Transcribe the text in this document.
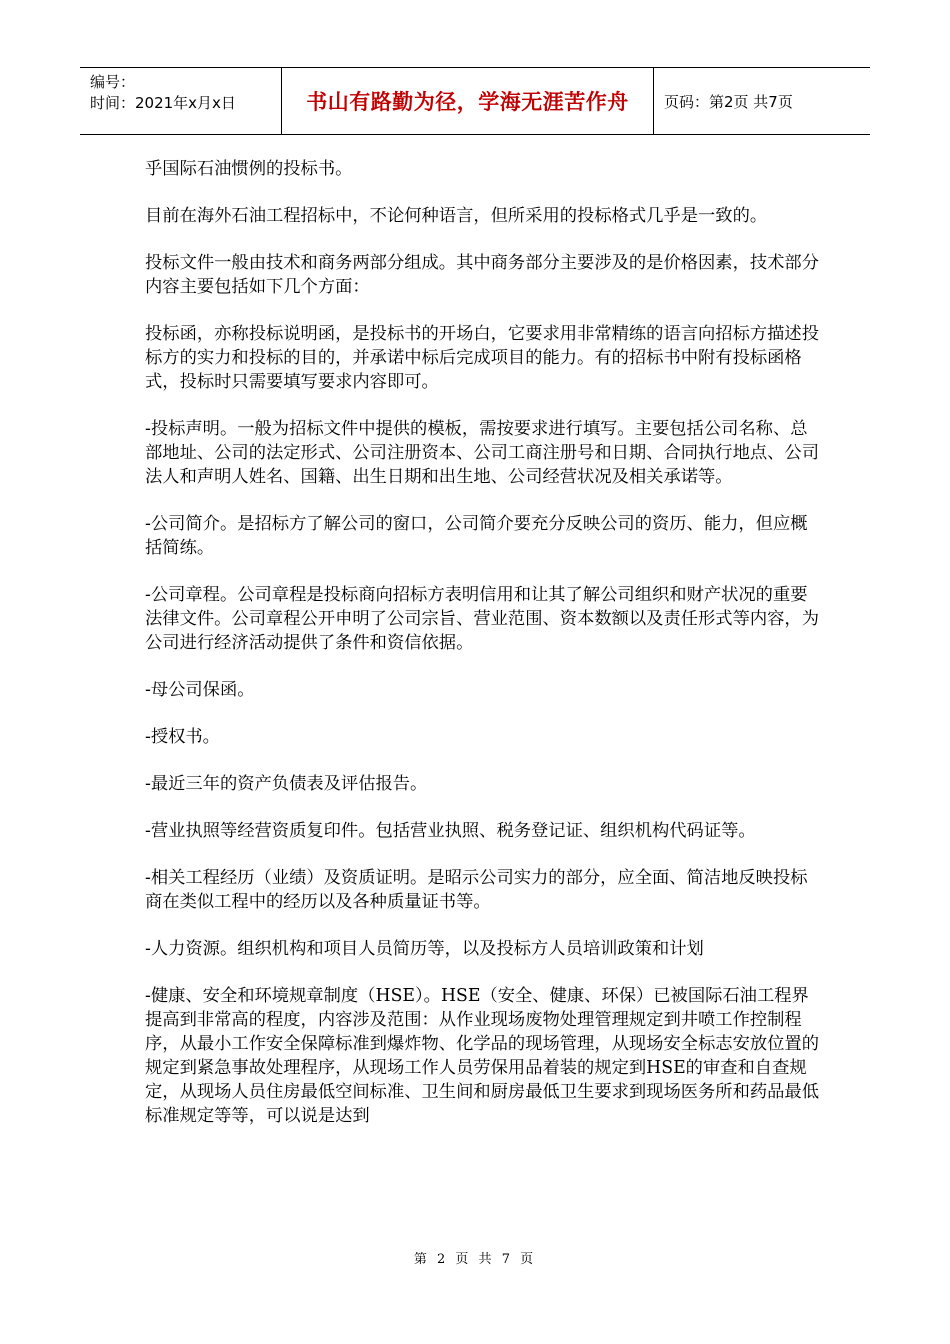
编号：
时间：2021年x月x日	书山有路勤为径，学海无涯苦作舟	页码：第2页 共7页

乎国际石油惯例的投标书。

目前在海外石油工程招标中，不论何种语言，但所采用的投标格式几乎是一致的。

投标文件一般由技术和商务两部分组成。其中商务部分主要涉及的是价格因素，技术部分内容主要包括如下几个方面：

投标函，亦称投标说明函，是投标书的开场白，它要求用非常精练的语言向招标方描述投标方的实力和投标的目的，并承诺中标后完成项目的能力。有的招标书中附有投标函格式，投标时只需要填写要求内容即可。

-投标声明。一般为招标文件中提供的模板，需按要求进行填写。主要包括公司名称、总部地址、公司的法定形式、公司注册资本、公司工商注册号和日期、合同执行地点、公司法人和声明人姓名、国籍、出生日期和出生地、公司经营状况及相关承诺等。

-公司简介。是招标方了解公司的窗口，公司简介要充分反映公司的资历、能力，但应概括简练。

-公司章程。公司章程是投标商向招标方表明信用和让其了解公司组织和财产状况的重要法律文件。公司章程公开申明了公司宗旨、营业范围、资本数额以及责任形式等内容，为公司进行经济活动提供了条件和资信依据。

-母公司保函。

-授权书。

-最近三年的资产负债表及评估报告。

-营业执照等经营资质复印件。包括营业执照、税务登记证、组织机构代码证等。

-相关工程经历（业绩）及资质证明。是昭示公司实力的部分，应全面、简洁地反映投标商在类似工程中的经历以及各种质量证书等。

-人力资源。组织机构和项目人员简历等，以及投标方人员培训政策和计划

-健康、安全和环境规章制度（HSE）。HSE（安全、健康、环保）已被国际石油工程界提高到非常高的程度，内容涉及范围：从作业现场废物处理管理规定到井喷工作控制程序，从最小工作安全保障标准到爆炸物、化学品的现场管理，从现场安全标志安放位置的规定到紧急事故处理程序，从现场工作人员劳保用品着装的规定到HSE的审查和自查规定，从现场人员住房最低空间标准、卫生间和厨房最低卫生要求到现场医务所和药品最低标准规定等等，可以说是达到

第 2 页 共 7 页
